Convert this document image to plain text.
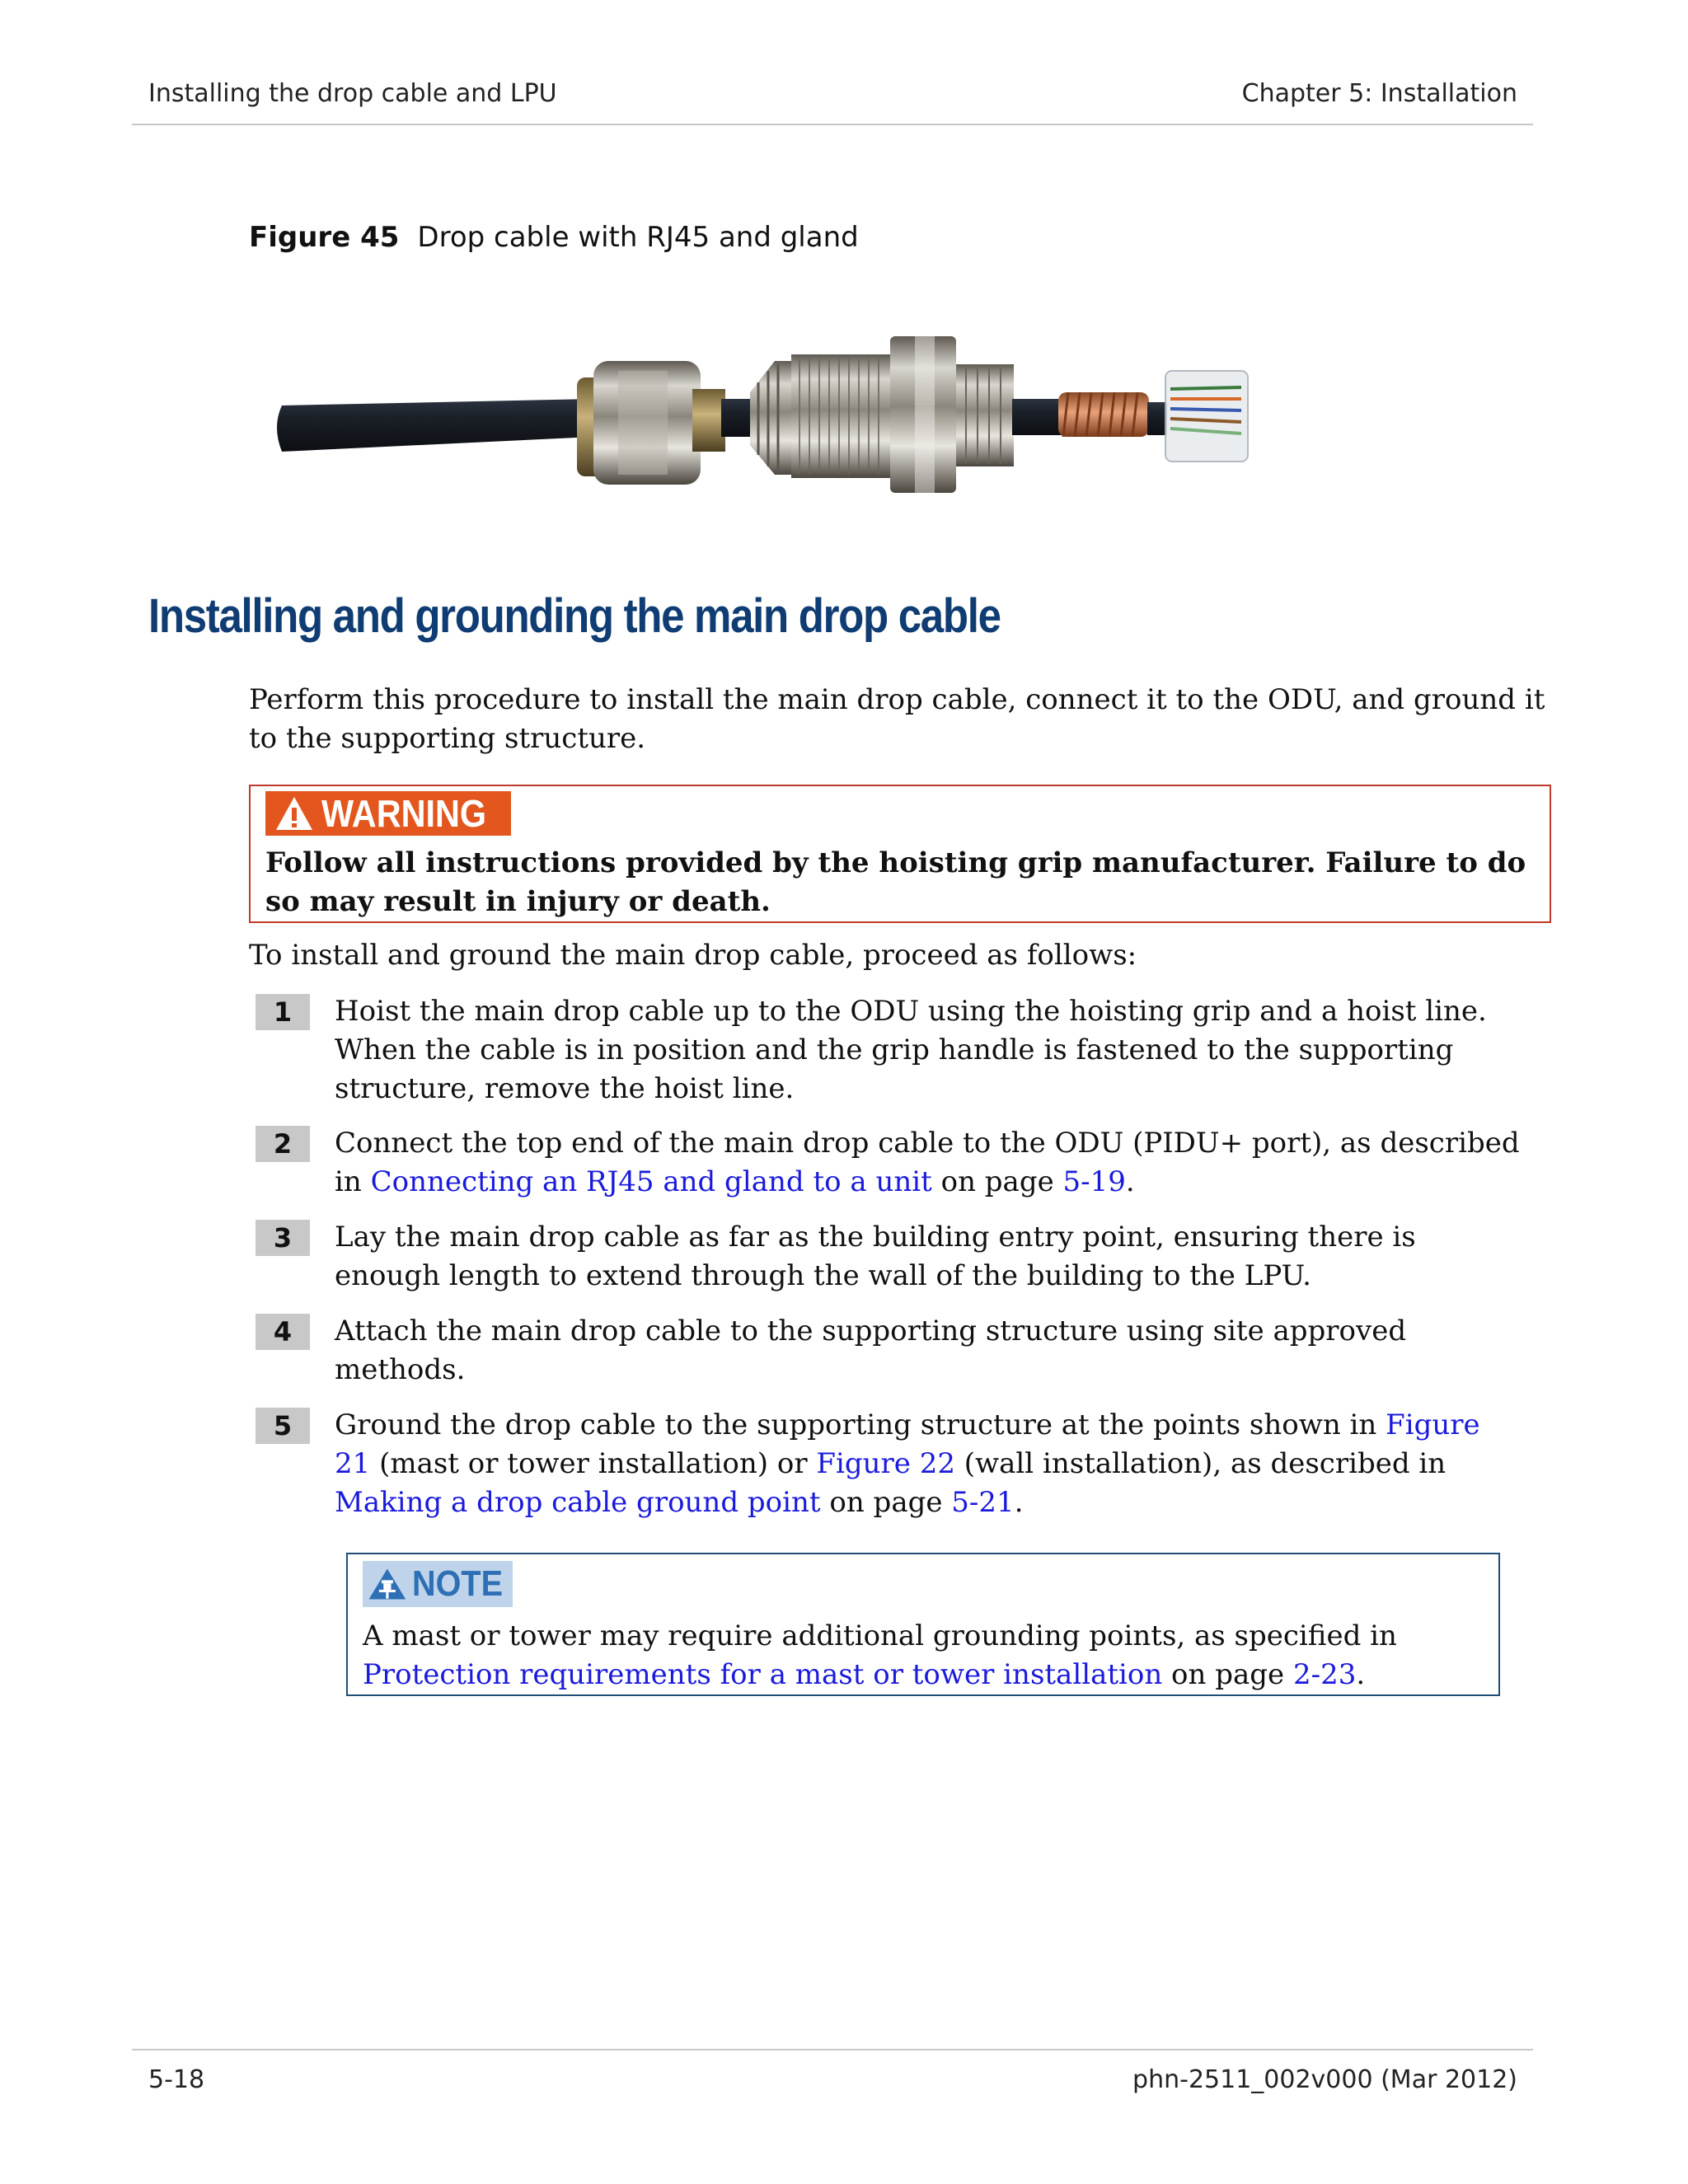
Installing the drop cable and LPU	Chapter 5: Installation
Figure 45 Drop cable with RJ45 and gland
Installing and grounding the main drop cable
Perform this procedure to install the main drop cable, connect it to the ODU, and ground it to the supporting structure.
WARNING
Follow all instructions provided by the hoisting grip manufacturer. Failure to do so may result in injury or death.
To install and ground the main drop cable, proceed as follows:
1	Hoist the main drop cable up to the ODU using the hoisting grip and a hoist line. When the cable is in position and the grip handle is fastened to the supporting structure, remove the hoist line.
2	Connect the top end of the main drop cable to the ODU (PIDU+ port), as described in Connecting an RJ45 and gland to a unit on page 5-19.
3	Lay the main drop cable as far as the building entry point, ensuring there is enough length to extend through the wall of the building to the LPU.
4	Attach the main drop cable to the supporting structure using site approved methods.
5	Ground the drop cable to the supporting structure at the points shown in Figure 21 (mast or tower installation) or Figure 22 (wall installation), as described in Making a drop cable ground point on page 5-21.
NOTE
A mast or tower may require additional grounding points, as specified in Protection requirements for a mast or tower installation on page 2-23.
5-18	phn-2511_002v000 (Mar 2012)
